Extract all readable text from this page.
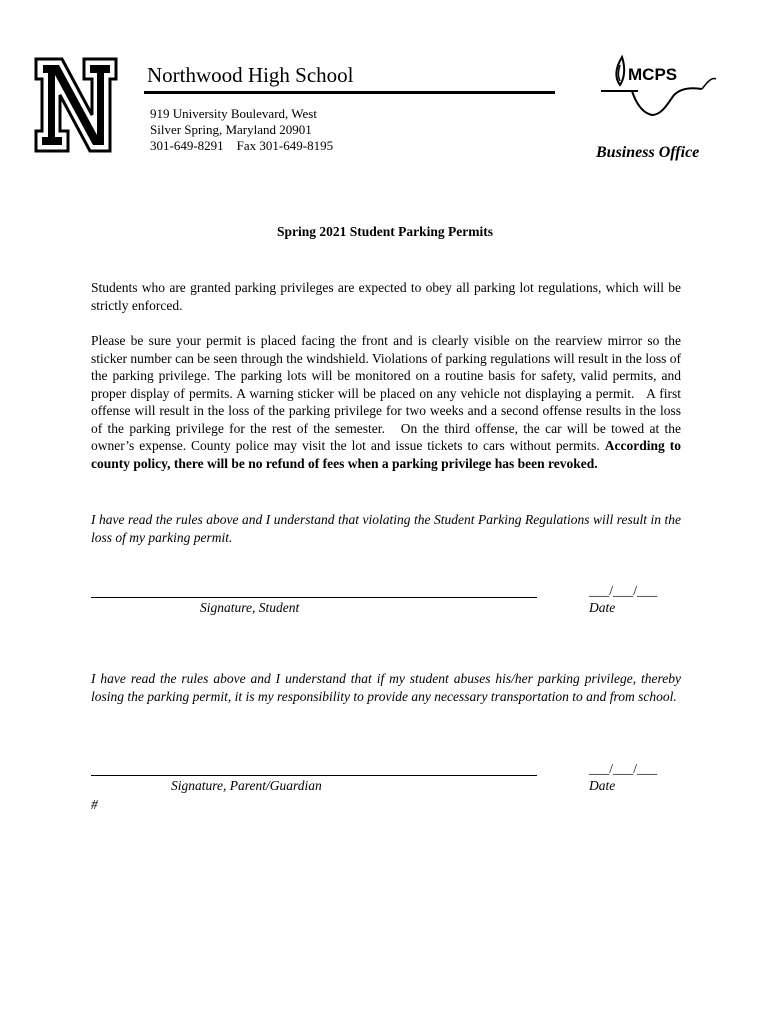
Northwood High School
919 University Boulevard, West
Silver Spring, Maryland 20901
301-649-8291    Fax 301-649-8195
MCPS
Business Office
Spring 2021 Student Parking Permits
Students who are granted parking privileges are expected to obey all parking lot regulations, which will be strictly enforced.
Please be sure your permit is placed facing the front and is clearly visible on the rearview mirror so the sticker number can be seen through the windshield. Violations of parking regulations will result in the loss of the parking privilege. The parking lots will be monitored on a routine basis for safety, valid permits, and proper display of permits. A warning sticker will be placed on any vehicle not displaying a permit.   A first offense will result in the loss of the parking privilege for two weeks and a second offense results in the loss of the parking privilege for the rest of the semester.   On the third offense, the car will be towed at the owner’s expense. County police may visit the lot and issue tickets to cars without permits. According to county policy, there will be no refund of fees when a parking privilege has been revoked.
I have read the rules above and I understand that violating the Student Parking Regulations will result in the loss of my parking permit.
Signature, Student
___/___/___
Date
I have read the rules above and I understand that if my student abuses his/her parking privilege, thereby losing the parking permit, it is my responsibility to provide any necessary transportation to and from school.
Signature, Parent/Guardian
___/___/___
Date
#
